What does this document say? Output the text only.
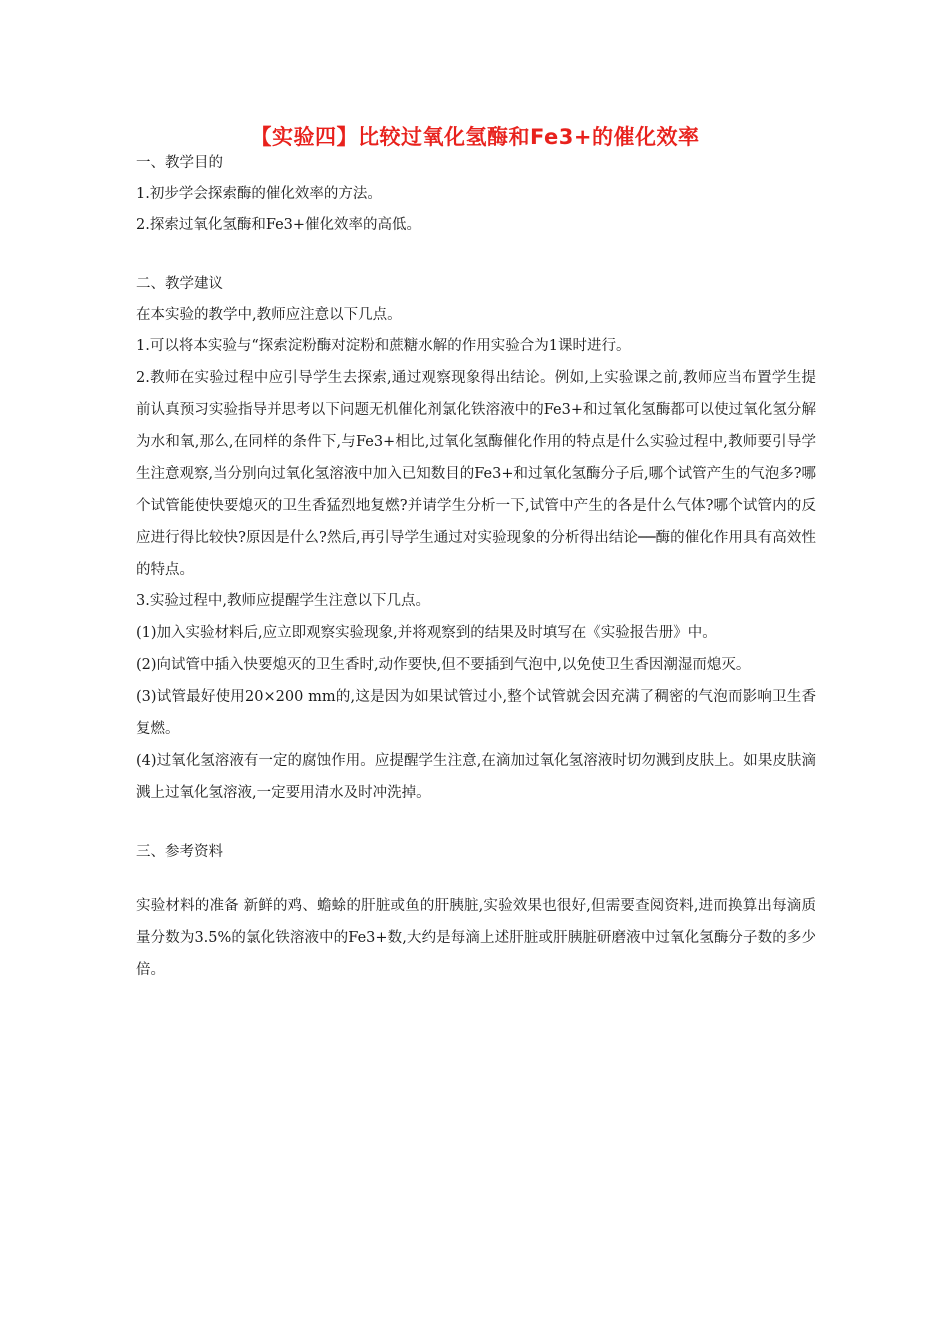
【实验四】比较过氧化氢酶和Fe3+的催化效率
一、教学目的
1.初步学会探索酶的催化效率的方法。
2.探索过氧化氢酶和Fe3+催化效率的高低。
二、教学建议
在本实验的教学中,教师应注意以下几点。
1.可以将本实验与“探索淀粉酶对淀粉和蔗糖水解的作用实验合为1课时进行。
2.教师在实验过程中应引导学生去探索,通过观察现象得出结论。例如,上实验课之前,教师应当布置学生提前认真预习实验指导并思考以下问题无机催化剂氯化铁溶液中的Fe3+和过氧化氢酶都可以使过氧化氢分解为水和氧,那么,在同样的条件下,与Fe3+相比,过氧化氢酶催化作用的特点是什么实验过程中,教师要引导学生注意观察,当分别向过氧化氢溶液中加入已知数目的Fe3+和过氧化氢酶分子后,哪个试管产生的气泡多?哪个试管能使快要熄灭的卫生香猛烈地复燃?并请学生分析一下,试管中产生的各是什么气体?哪个试管内的反应进行得比较快?原因是什么?然后,再引导学生通过对实验现象的分析得出结论──酶的催化作用具有高效性的特点。
3.实验过程中,教师应提醒学生注意以下几点。
(1)加入实验材料后,应立即观察实验现象,并将观察到的结果及时填写在《实验报告册》中。
(2)向试管中插入快要熄灭的卫生香时,动作要快,但不要插到气泡中,以免使卫生香因潮湿而熄灭。
(3)试管最好使用20×200 mm的,这是因为如果试管过小,整个试管就会因充满了稠密的气泡而影响卫生香复燃。
(4)过氧化氢溶液有一定的腐蚀作用。应提醒学生注意,在滴加过氧化氢溶液时切勿溅到皮肤上。如果皮肤滴溅上过氧化氢溶液,一定要用清水及时冲洗掉。
三、参考资料
实验材料的准备 新鲜的鸡、蟾蜍的肝脏或鱼的肝胰脏,实验效果也很好,但需要查阅资料,进而换算出每滴质量分数为3.5%的氯化铁溶液中的Fe3+数,大约是每滴上述肝脏或肝胰脏研磨液中过氧化氢酶分子数的多少倍。
